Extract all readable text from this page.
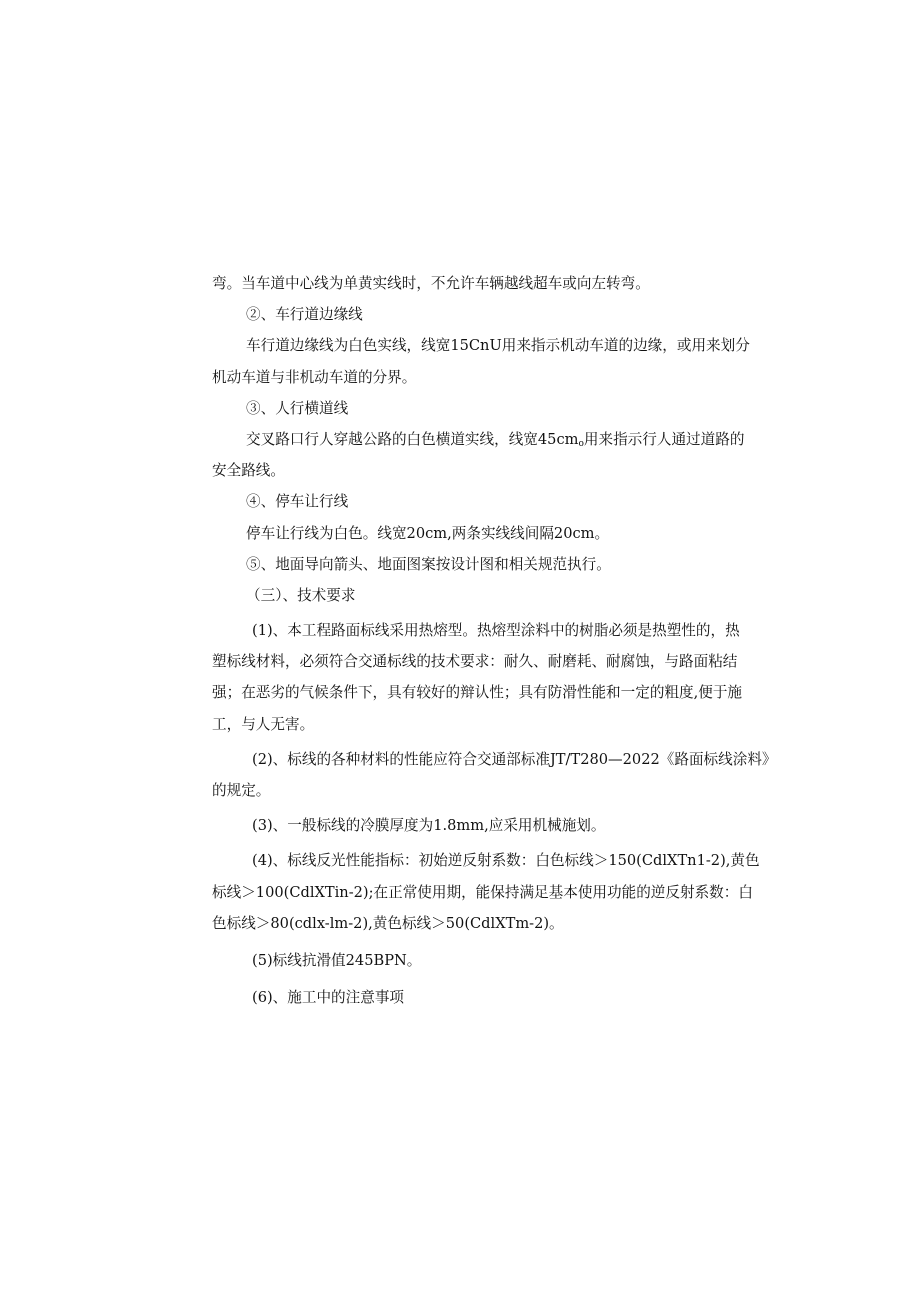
弯。当车道中心线为单黄实线时，不允许车辆越线超车或向左转弯。
②、车行道边缘线
车行道边缘线为白色实线，线宽15CnU用来指示机动车道的边缘，或用来划分
机动车道与非机动车道的分界。
③、人行横道线
交叉路口行人穿越公路的白色横道实线，线宽$45cm_o$用来指示行人通过道路的
安全路线。
④、停车让行线
停车让行线为白色。线宽20cm,两条实线线间隔20cm。
⑤、地面导向箭头、地面图案按设计图和相关规范执行。
（三）、技术要求
(1)、本工程路面标线采用热熔型。热熔型涂料中的树脂必须是热塑性的，热
塑标线材料，必须符合交通标线的技术要求：耐久、耐磨耗、耐腐蚀，与路面粘结
强；在恶劣的气候条件下，具有较好的辩认性；具有防滑性能和一定的粗度,便于施
工，与人无害。
(2)、标线的各种材料的性能应符合交通部标准JT/T280—2022《路面标线涂料》
的规定。
(3)、一般标线的冷膜厚度为1.8mm,应采用机械施划。
(4)、标线反光性能指标：初始逆反射系数：白色标线＞150(CdlXTn1-2),黄色
标线＞100(CdlXTin-2);在正常使用期，能保持满足基本使用功能的逆反射系数：白
色标线＞80(cdlx-lm-2),黄色标线＞50(CdlXTm-2)。
(5)标线抗滑值245BPN。
(6)、施工中的注意事项
